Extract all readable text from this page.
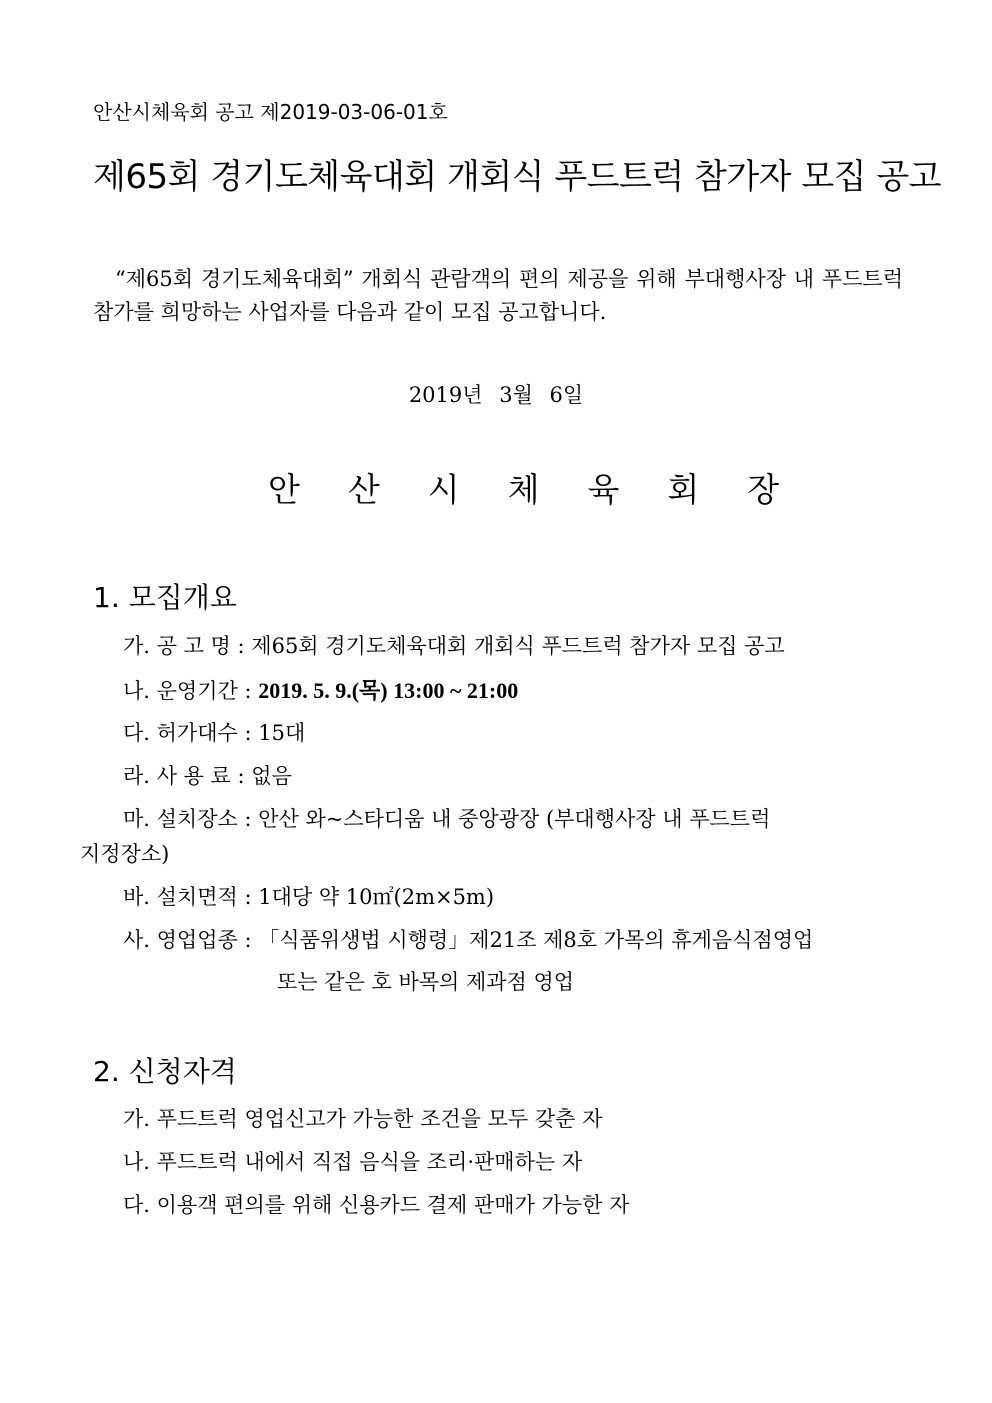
안산시체육회 공고 제2019-03-06-01호
제65회 경기도체육대회 개회식 푸드트럭 참가자 모집 공고
“제65회 경기도체육대회” 개회식 관람객의 편의 제공을 위해 부대행사장 내 푸드트럭 참가를 희망하는 사업자를 다음과 같이 모집 공고합니다.
2019년 3월 6일
안산시체육회장
1. 모집개요
가. 공 고 명 : 제65회 경기도체육대회 개회식 푸드트럭 참가자 모집 공고
나. 운영기간 : 2019. 5. 9.(목) 13:00 ~ 21:00
다. 허가대수 : 15대
라. 사 용 료 : 없음
마. 설치장소 : 안산 와~스타디움 내 중앙광장 (부대행사장 내 푸드트럭
지정장소)
바. 설치면적 : 1대당 약 10㎡(2m×5m)
사. 영업업종 : 「식품위생법 시행령」제21조 제8호 가목의 휴게음식점영업
또는 같은 호 바목의 제과점 영업
2. 신청자격
가. 푸드트럭 영업신고가 가능한 조건을 모두 갖춘 자
나. 푸드트럭 내에서 직접 음식을 조리·판매하는 자
다. 이용객 편의를 위해 신용카드 결제 판매가 가능한 자
